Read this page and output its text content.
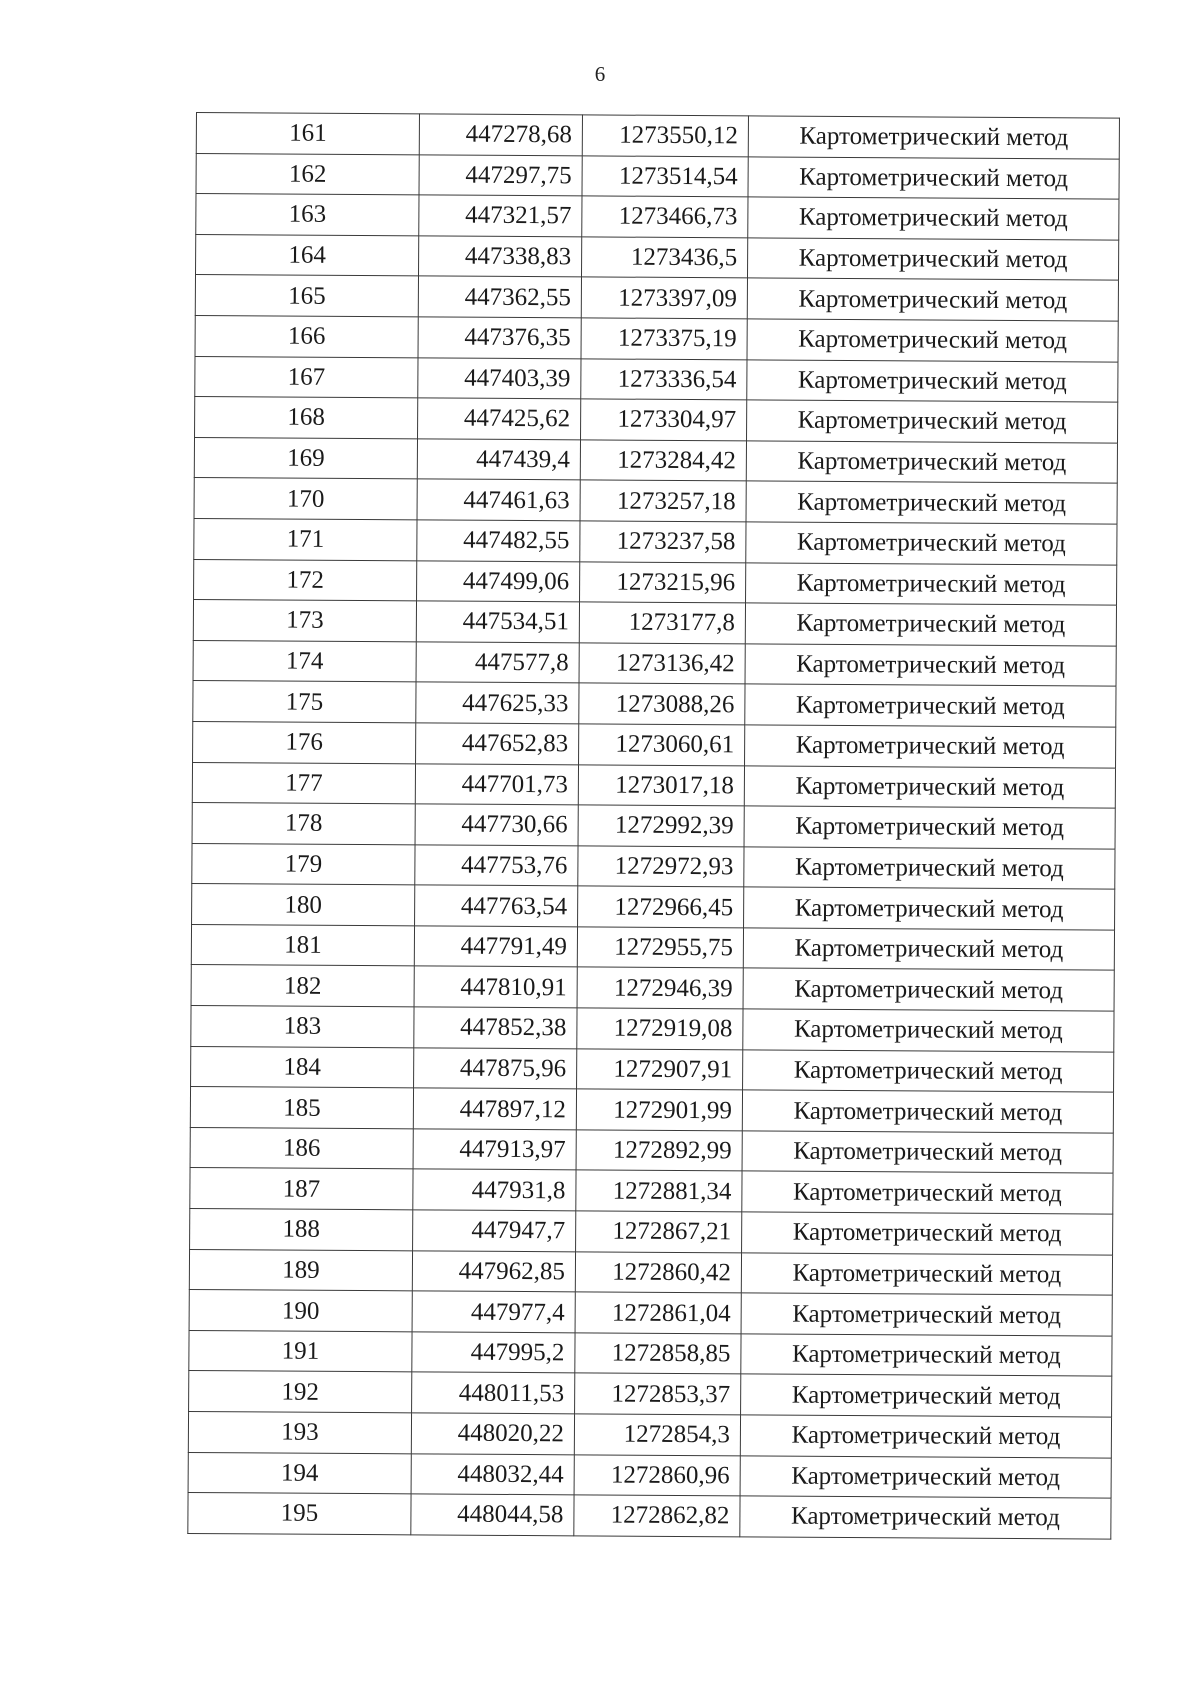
6
161	447278,68	1273550,12	Картометрический метод
162	447297,75	1273514,54	Картометрический метод
163	447321,57	1273466,73	Картометрический метод
164	447338,83	1273436,5	Картометрический метод
165	447362,55	1273397,09	Картометрический метод
166	447376,35	1273375,19	Картометрический метод
167	447403,39	1273336,54	Картометрический метод
168	447425,62	1273304,97	Картометрический метод
169	447439,4	1273284,42	Картометрический метод
170	447461,63	1273257,18	Картометрический метод
171	447482,55	1273237,58	Картометрический метод
172	447499,06	1273215,96	Картометрический метод
173	447534,51	1273177,8	Картометрический метод
174	447577,8	1273136,42	Картометрический метод
175	447625,33	1273088,26	Картометрический метод
176	447652,83	1273060,61	Картометрический метод
177	447701,73	1273017,18	Картометрический метод
178	447730,66	1272992,39	Картометрический метод
179	447753,76	1272972,93	Картометрический метод
180	447763,54	1272966,45	Картометрический метод
181	447791,49	1272955,75	Картометрический метод
182	447810,91	1272946,39	Картометрический метод
183	447852,38	1272919,08	Картометрический метод
184	447875,96	1272907,91	Картометрический метод
185	447897,12	1272901,99	Картометрический метод
186	447913,97	1272892,99	Картометрический метод
187	447931,8	1272881,34	Картометрический метод
188	447947,7	1272867,21	Картометрический метод
189	447962,85	1272860,42	Картометрический метод
190	447977,4	1272861,04	Картометрический метод
191	447995,2	1272858,85	Картометрический метод
192	448011,53	1272853,37	Картометрический метод
193	448020,22	1272854,3	Картометрический метод
194	448032,44	1272860,96	Картометрический метод
195	448044,58	1272862,82	Картометрический метод
